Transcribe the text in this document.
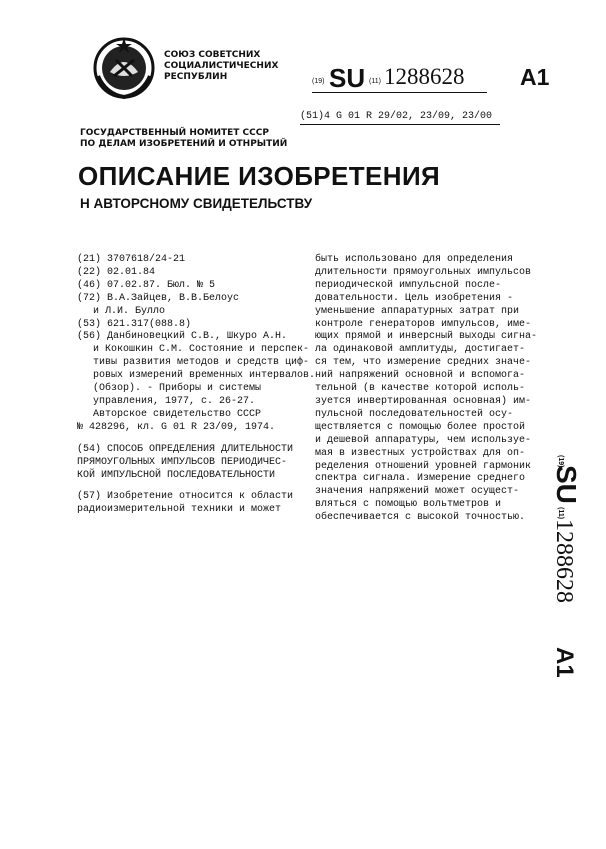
СОЮЗ СОВЕТСНИХ
СОЦИАЛИСТИЧЕСНИХ
РЕСПУБЛИН	(19) SU (11) 1288628 A1
(51)4 G 01 R 29/02, 23/09, 23/00
ГОСУДАРСТВЕННЫЙ НОМИТЕТ СССР
ПО ДЕЛАМ ИЗОБРЕТЕНИЙ И ОТНРЫТИЙ
ОПИСАНИЕ ИЗОБРЕТЕНИЯ
Н АВТОРСНОМУ СВИДЕТЕЛЬСТВУ
(21) 3707618/24-21
(22) 02.01.84
(46) 07.02.87. Бюл. № 5
(72) В.А.Зайцев, В.В.Белоус
и Л.И. Булло
(53) 621.317(088.8)
(56) Данбиновецкий С.В., Шкуро А.Н.
и Кокошкин С.М. Состояние и перспек-
тивы развития методов и средств циф-
ровых измерений временных интервалов.
(Обзор). - Приборы и системы
управления, 1977, с. 26-27.
Авторское свидетельство СССР
№ 428296, кл. G 01 R 23/09, 1974.
(54) СПОСОБ ОПРЕДЕЛЕНИЯ ДЛИТЕЛЬНОСТИ
ПРЯМОУГОЛЬНЫХ ИМПУЛЬСОВ ПЕРИОДИЧЕС-
КОЙ ИМПУЛЬСНОЙ ПОСЛЕДОВАТЕЛЬНОСТИ
(57) Изобретение относится к области
радиоизмерительной техники и может
быть использовано для определения
длительности прямоугольных импульсов
периодической импульсной после-
довательности. Цель изобретения -
уменьшение аппаратурных затрат при
контроле генераторов импульсов, име-
ющих прямой и инверсный выходы сигна-
ла одинаковой амплитуды, достигает-
ся тем, что измерение средних значе-
ний напряжений основной и вспомога-
тельной (в качестве которой исполь-
зуется инвертированная основная) им-
пульсной последовательностей осу-
ществляется с помощью более простой
и дешевой аппаратуры, чем используе-
мая в известных устройствах для оп-
ределения отношений уровней гармоник
спектра сигнала. Измерение среднего
значения напряжений может осущест-
вляться с помощью вольтметров и
обеспечивается с высокой точностью.
(19)
SU
(11)
1288628
A1
